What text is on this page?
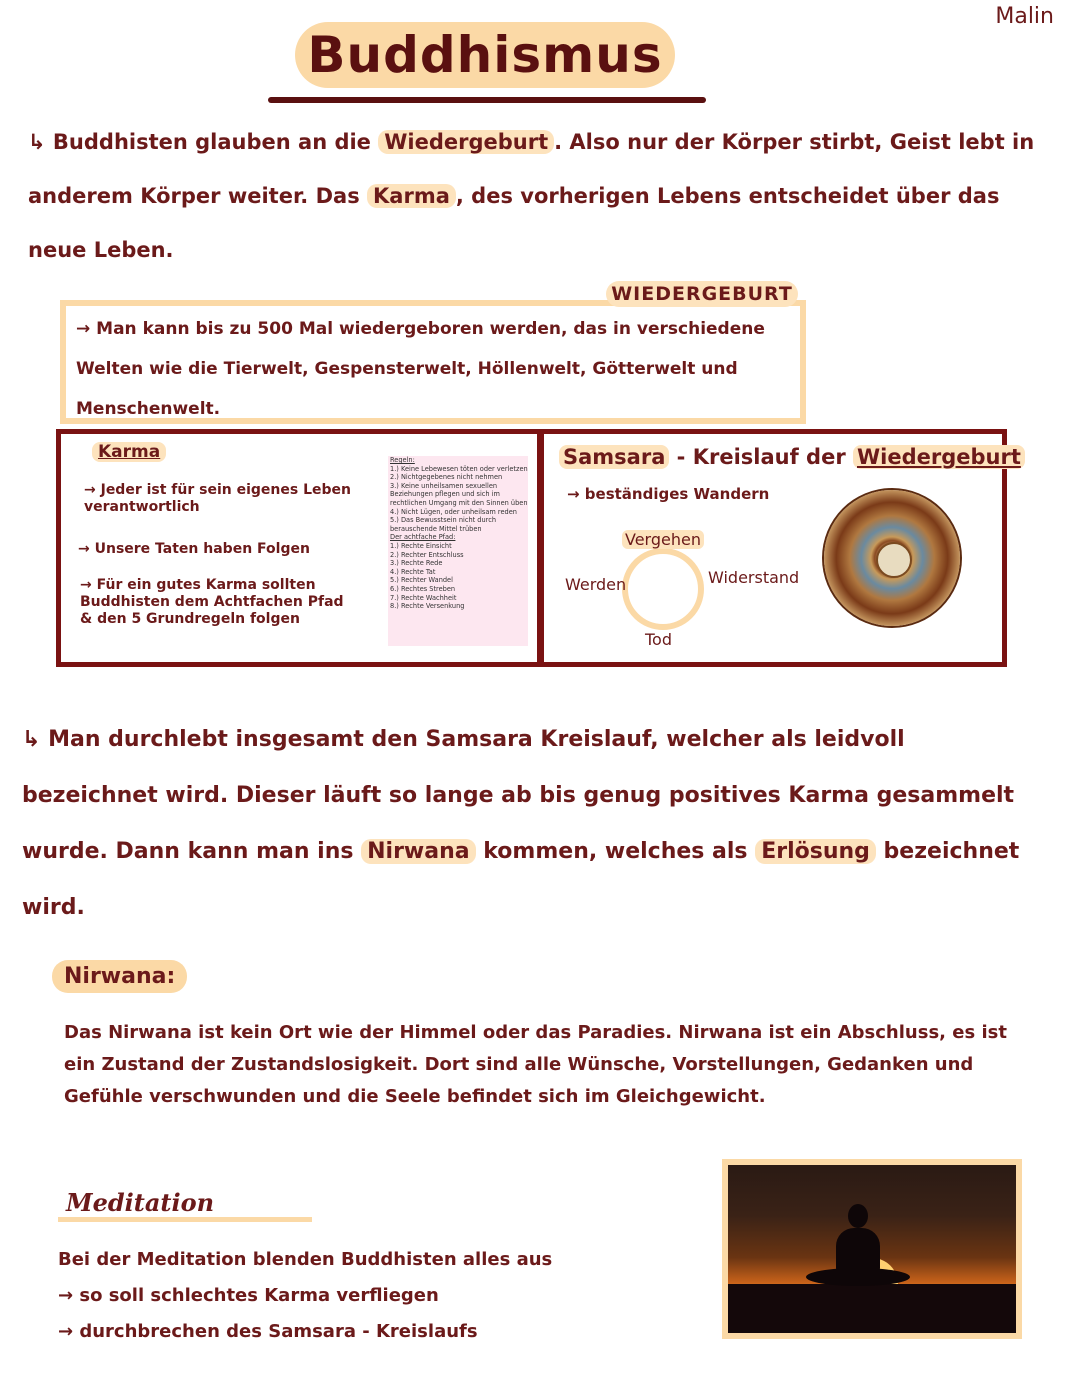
Malin
Buddhismus
↳ Buddhisten glauben an die Wiedergeburt . Also nur der Körper stirbt, Geist lebt in anderem Körper weiter. Das Karma , des vorherigen Lebens entscheidet über das neue Leben.
WIEDERGEBURT
→ Man kann bis zu 500 Mal wiedergeboren werden, das in verschiedene Welten wie die Tierwelt, Gespensterwelt, Höllenwelt, Götterwelt und Menschenwelt.
Karma
→ Jeder ist für sein eigenes Leben verantwortlich
→ Unsere Taten haben Folgen
→ Für ein gutes Karma sollten Buddhisten dem Achtfachen Pfad & den 5 Grundregeln folgen
Regeln:
1.) Keine Lebewesen töten oder verletzen
2.) Nichtgegebenes nicht nehmen
3.) Keine unheilsamen sexuellen Beziehungen pflegen und sich im rechtlichen Umgang mit den Sinnen üben
4.) Nicht Lügen, oder unheilsam reden
5.) Das Bewusstsein nicht durch berauschende Mittel trüben
Der achtfache Pfad:
1.) Rechte Einsicht
2.) Rechter Entschluss
3.) Rechte Rede
4.) Rechte Tat
5.) Rechter Wandel
6.) Rechtes Streben
7.) Rechte Wachheit
8.) Rechte Versenkung
Samsara - Kreislauf der Wiedergeburt
→ beständiges Wandern
Vergehen
Werden	Widerstand
Tod
↳ Man durchlebt insgesamt den Samsara Kreislauf, welcher als leidvoll bezeichnet wird. Dieser läuft so lange ab bis genug positives Karma gesammelt wurde. Dann kann man ins Nirwana kommen, welches als Erlösung bezeichnet wird.
Nirwana:
Das Nirwana ist kein Ort wie der Himmel oder das Paradies. Nirwana ist ein Abschluss, es ist ein Zustand der Zustandslosigkeit. Dort sind alle Wünsche, Vorstellungen, Gedanken und Gefühle verschwunden und die Seele befindet sich im Gleichgewicht.
Meditation
Bei der Meditation blenden Buddhisten alles aus
→ so soll schlechtes Karma verfliegen
→ durchbrechen des Samsara - Kreislaufs
